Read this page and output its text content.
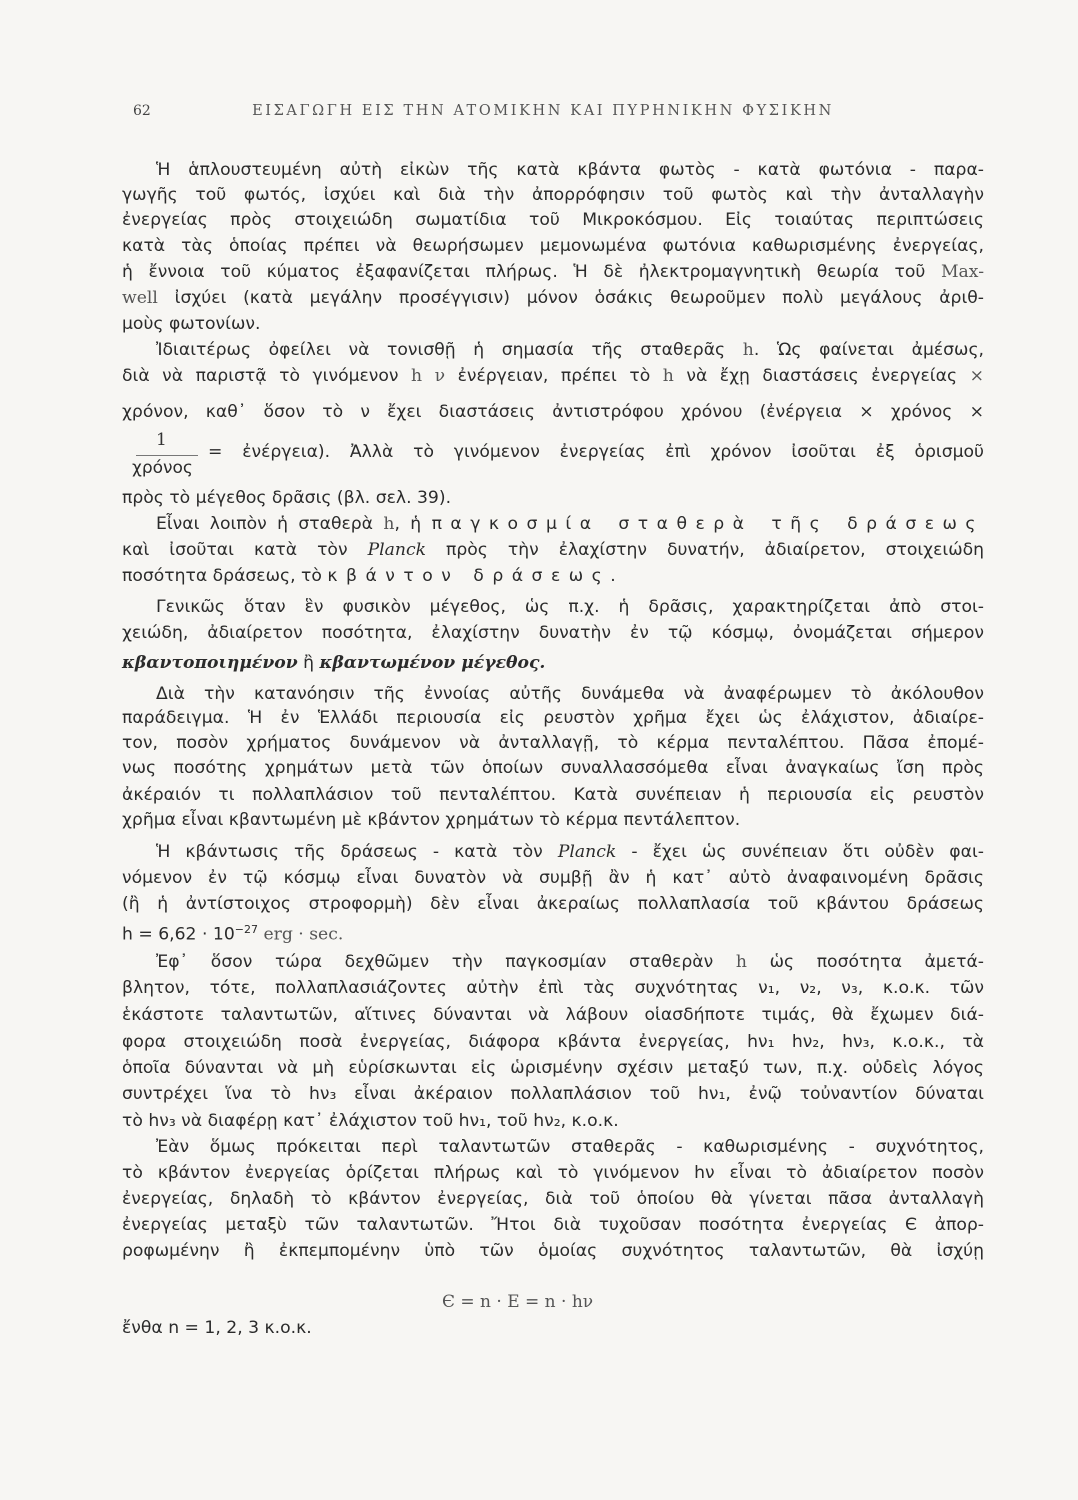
62	ΕΙΣΑΓΩΓΗ ΕΙΣ ΤΗΝ ΑΤΟΜΙΚΗΝ ΚΑΙ ΠΥΡΗΝΙΚΗΝ ΦΥΣΙΚΗΝ
Ἡ ἁπλουστευμένη αὐτὴ εἰκὼν τῆς κατὰ κβάντα φωτὸς - κατὰ φωτόνια - παρα-
γωγῆς τοῦ φωτός, ἰσχύει καὶ διὰ τὴν ἀπορρόφησιν τοῦ φωτὸς καὶ τὴν ἀνταλλαγὴν
ἐνεργείας πρὸς στοιχειώδη σωματίδια τοῦ Μικροκόσμου. Εἰς τοιαύτας περιπτώσεις
κατὰ τὰς ὁποίας πρέπει νὰ θεωρήσωμεν μεμονωμένα φωτόνια καθωρισμένης ἐνεργείας,
ἡ ἔννοια τοῦ κύματος ἐξαφανίζεται πλήρως. Ἡ δὲ ἠλεκτρομαγνητικὴ θεωρία τοῦ Max-
well ἰσχύει (κατὰ μεγάλην προσέγγισιν) μόνον ὁσάκις θεωροῦμεν πολὺ μεγάλους ἀριθ-
μοὺς φωτονίων.
Ἰδιαιτέρως ὀφείλει νὰ τονισθῇ ἡ σημασία τῆς σταθερᾶς h. Ὡς φαίνεται ἀμέσως,
διὰ νὰ παριστᾷ τὸ γινόμενον h ν ἐνέργειαν, πρέπει τὸ h νὰ ἔχῃ διαστάσεις ἐνεργείας ×
χρόνον, καθ᾽ ὅσον τὸ ν ἔχει διαστάσεις ἀντιστρόφου χρόνου (ἐνέργεια × χρόνος ×
1
χρόνος
= ἐνέργεια). Ἀλλὰ τὸ γινόμενον ἐνεργείας ἐπὶ χρόνον ἰσοῦται ἐξ ὁρισμοῦ
πρὸς τὸ μέγεθος δρᾶσις (βλ. σελ. 39).
Εἶναι λοιπὸν ἡ σταθερὰ h, ἡ παγκοσμία σταθερὰ τῆς δράσεως
καὶ ἰσοῦται κατὰ τὸν Planck πρὸς τὴν ἐλαχίστην δυνατήν, ἀδιαίρετον, στοιχειώδη
ποσότητα δράσεως, τὸ κβάντον δράσεως.
Γενικῶς ὅταν ἓν φυσικὸν μέγεθος, ὡς π.χ. ἡ δρᾶσις, χαρακτηρίζεται ἀπὸ στοι-
χειώδη, ἀδιαίρετον ποσότητα, ἐλαχίστην δυνατὴν ἐν τῷ κόσμῳ, ὀνομάζεται σήμερον
κβαντοποιημένον ἢ κβαντωμένον μέγεθος.
Διὰ τὴν κατανόησιν τῆς ἐννοίας αὐτῆς δυνάμεθα νὰ ἀναφέρωμεν τὸ ἀκόλουθον
παράδειγμα. Ἡ ἐν Ἑλλάδι περιουσία εἰς ρευστὸν χρῆμα ἔχει ὡς ἐλάχιστον, ἀδιαίρε-
τον, ποσὸν χρήματος δυνάμενον νὰ ἀνταλλαγῇ, τὸ κέρμα πενταλέπτου. Πᾶσα ἐπομέ-
νως ποσότης χρημάτων μετὰ τῶν ὁποίων συναλλασσόμεθα εἶναι ἀναγκαίως ἴση πρὸς
ἀκέραιόν τι πολλαπλάσιον τοῦ πενταλέπτου. Κατὰ συνέπειαν ἡ περιουσία εἰς ρευστὸν
χρῆμα εἶναι κβαντωμένη μὲ κβάντον χρημάτων τὸ κέρμα πεντάλεπτον.
Ἡ κβάντωσις τῆς δράσεως - κατὰ τὸν Planck - ἔχει ὡς συνέπειαν ὅτι οὐδὲν φαι-
νόμενον ἐν τῷ κόσμῳ εἶναι δυνατὸν νὰ συμβῇ ἂν ἡ κατ᾽ αὐτὸ ἀναφαινομένη δρᾶσις
(ἢ ἡ ἀντίστοιχος στροφορμὴ) δὲν εἶναι ἀκεραίως πολλαπλασία τοῦ κβάντου δράσεως
$h = 6,62 \cdot 10^{-27}$ erg · sec.
Ἐφ᾽ ὅσον τώρα δεχθῶμεν τὴν παγκοσμίαν σταθερὰν h ὡς ποσότητα ἀμετά-
βλητον, τότε, πολλαπλασιάζοντες αὐτὴν ἐπὶ τὰς συχνότητας ν₁, ν₂, ν₃, κ.ο.κ. τῶν
ἑκάστοτε ταλαντωτῶν, αἵτινες δύνανται νὰ λάβουν οἱασδήποτε τιμάς, θὰ ἔχωμεν διά-
φορα στοιχειώδη ποσὰ ἐνεργείας, διάφορα κβάντα ἐνεργείας, hν₁ hν₂, hν₃, κ.ο.κ., τὰ
ὁποῖα δύνανται νὰ μὴ εὑρίσκωνται εἰς ὡρισμένην σχέσιν μεταξύ των, π.χ. οὐδεὶς λόγος
συντρέχει ἵνα τὸ hν₃ εἶναι ἀκέραιον πολλαπλάσιον τοῦ hν₁, ἐνῷ τοὐναντίον δύναται
τὸ hν₃ νὰ διαφέρῃ κατ᾽ ἐλάχιστον τοῦ hν₁, τοῦ hν₂, κ.ο.κ.
Ἐὰν ὅμως πρόκειται περὶ ταλαντωτῶν σταθερᾶς - καθωρισμένης - συχνότητος,
τὸ κβάντον ἐνεργείας ὁρίζεται πλήρως καὶ τὸ γινόμενον hν εἶναι τὸ ἀδιαίρετον ποσὸν
ἐνεργείας, δηλαδὴ τὸ κβάντον ἐνεργείας, διὰ τοῦ ὁποίου θὰ γίνεται πᾶσα ἀνταλλαγὴ
ἐνεργείας μεταξὺ τῶν ταλαντωτῶν. Ἤτοι διὰ τυχοῦσαν ποσότητα ἐνεργείας Є ἀπορ-
ροφωμένην ἢ ἐκπεμπομένην ὑπὸ τῶν ὁμοίας συχνότητος ταλαντωτῶν, θὰ ἰσχύῃ
Є = n · E = n · hν
ἔνθα n = 1, 2, 3 κ.ο.κ.
